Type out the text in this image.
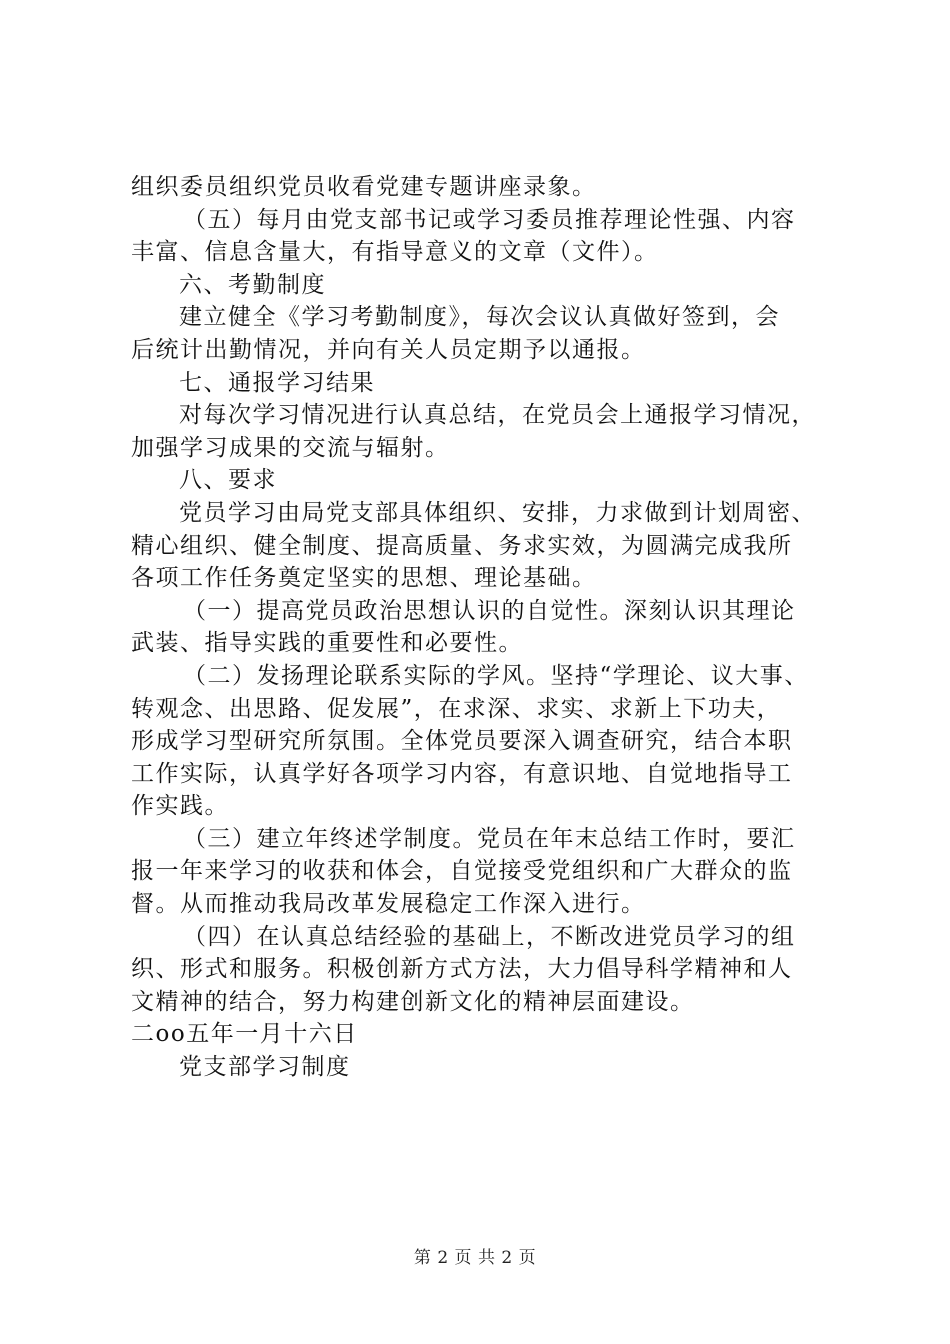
组织委员组织党员收看党建专题讲座录象。

（五）每月由党支部书记或学习委员推荐理论性强、内容

丰富、信息含量大，有指导意义的文章（文件）。

六、考勤制度

建立健全《学习考勤制度》，每次会议认真做好签到，会

后统计出勤情况，并向有关人员定期予以通报。

七、通报学习结果

对每次学习情况进行认真总结，在党员会上通报学习情况，

加强学习成果的交流与辐射。

八、要求

党员学习由局党支部具体组织、安排，力求做到计划周密、

精心组织、健全制度、提高质量、务求实效，为圆满完成我所

各项工作任务奠定坚实的思想、理论基础。

（一）提高党员政治思想认识的自觉性。深刻认识其理论

武装、指导实践的重要性和必要性。

（二）发扬理论联系实际的学风。坚持“学理论、议大事、

转观念、出思路、促发展”，在求深、求实、求新上下功夫，

形成学习型研究所氛围。全体党员要深入调查研究，结合本职

工作实际，认真学好各项学习内容，有意识地、自觉地指导工

作实践。

（三）建立年终述学制度。党员在年末总结工作时，要汇

报一年来学习的收获和体会，自觉接受党组织和广大群众的监

督。从而推动我局改革发展稳定工作深入进行。

（四）在认真总结经验的基础上，不断改进党员学习的组

织、形式和服务。积极创新方式方法，大力倡导科学精神和人

文精神的结合，努力构建创新文化的精神层面建设。

二oo五年一月十六日

党支部学习制度

第 2 页 共 2 页
